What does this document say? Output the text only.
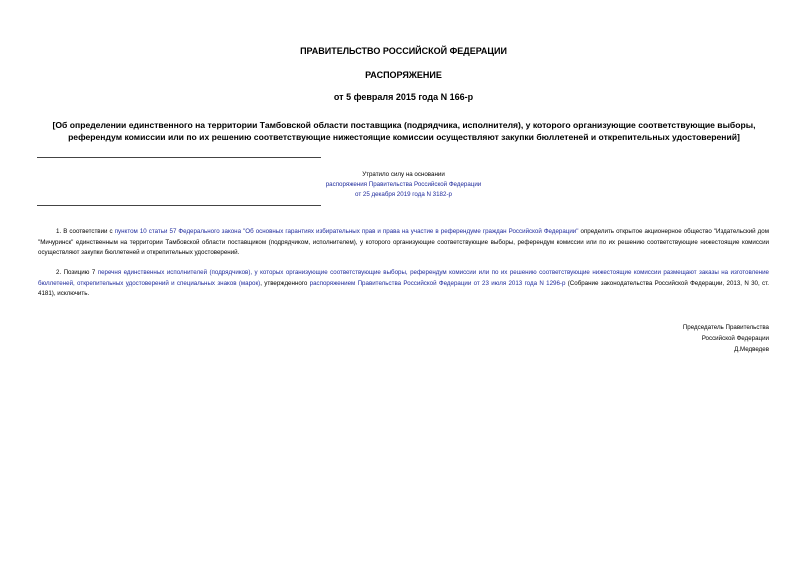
ПРАВИТЕЛЬСТВО РОССИЙСКОЙ ФЕДЕРАЦИИ
РАСПОРЯЖЕНИЕ
от 5 февраля 2015 года N 166-р
[Об определении единственного на территории Тамбовской области поставщика (подрядчика, исполнителя), у которого организующие соответствующие выборы, референдум комиссии или по их решению соответствующие нижестоящие комиссии осуществляют закупки бюллетеней и открепительных удостоверений]
Утратило силу на основании
распоряжения Правительства Российской Федерации
от 25 декабря 2019 года N 3182-р
1. В соответствии с пунктом 10 статьи 57 Федерального закона "Об основных гарантиях избирательных прав и права на участие в референдуме граждан Российской Федерации" определить открытое акционерное общество "Издательский дом "Мичуринск" единственным на территории Тамбовской области поставщиком (подрядчиком, исполнителем), у которого организующие соответствующие выборы, референдум комиссии или по их решению соответствующие нижестоящие комиссии осуществляют закупки бюллетеней и открепительных удостоверений.
2. Позицию 7 перечня единственных исполнителей (подрядчиков), у которых организующие соответствующие выборы, референдум комиссии или по их решению соответствующие нижестоящие комиссии размещают заказы на изготовление бюллетеней, открепительных удостоверений и специальных знаков (марок), утвержденного распоряжением Правительства Российской Федерации от 23 июля 2013 года N 1296-р (Собрание законодательства Российской Федерации, 2013, N 30, ст. 4181), исключить.
Председатель Правительства
Российской Федерации
Д.Медведев
